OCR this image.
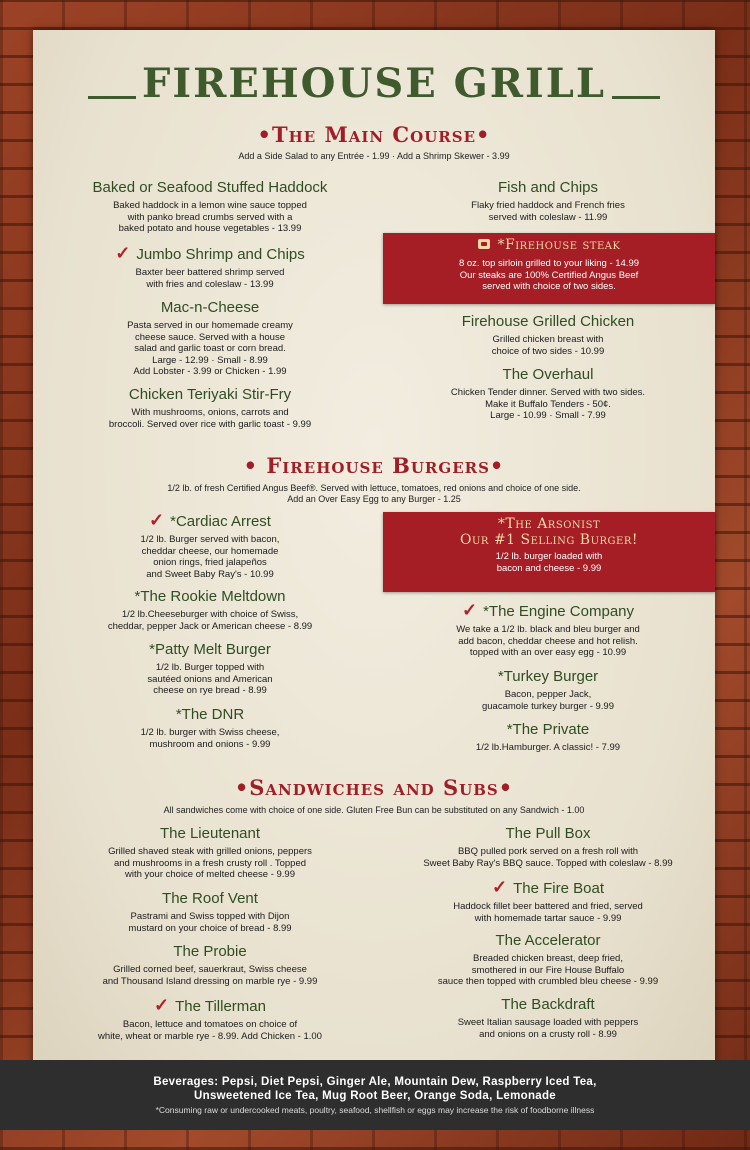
FIREHOUSE GRILL
•The Main Course•
Add a Side Salad to any Entrée - 1.99 · Add a Shrimp Skewer - 3.99
Baked or Seafood Stuffed Haddock
Baked haddock in a lemon wine sauce topped
with panko bread crumbs served with a
baked potato and house vegetables - 13.99
✓ Jumbo Shrimp and Chips
Baxter beer battered shrimp served
with fries and coleslaw - 13.99
Mac-n-Cheese
Pasta served in our homemade creamy
cheese sauce. Served with a house
salad and garlic toast or corn bread.
Large - 12.99 · Small - 8.99
Add Lobster - 3.99 or Chicken - 1.99
Chicken Teriyaki Stir-Fry
With mushrooms, onions, carrots and
broccoli. Served over rice with garlic toast - 9.99
Fish and Chips
Flaky fried haddock and French fries
served with coleslaw - 11.99
*Firehouse steak
8 oz. top sirloin grilled to your liking - 14.99
Our steaks are 100% Certified Angus Beef
served with choice of two sides.
Firehouse Grilled Chicken
Grilled chicken breast with
choice of two sides - 10.99
The Overhaul
Chicken Tender dinner. Served with two sides.
Make it Buffalo Tenders - 50¢.
Large - 10.99 · Small - 7.99
• Firehouse Burgers•
1/2 lb. of fresh Certified Angus Beef®. Served with lettuce, tomatoes, red onions and choice of one side.
Add an Over Easy Egg to any Burger - 1.25
✓ *Cardiac Arrest
1/2 lb. Burger served with bacon,
cheddar cheese, our homemade
onion rings, fried jalapeños
and Sweet Baby Ray's - 10.99
*The Rookie Meltdown
1/2 lb.Cheeseburger with choice of Swiss,
cheddar, pepper Jack or American cheese - 8.99
*Patty Melt Burger
1/2 lb. Burger topped with
sautéed onions and American
cheese on rye bread - 8.99
*The DNR
1/2 lb. burger with Swiss cheese,
mushroom and onions - 9.99
*The Arsonist
Our #1 Selling Burger!
1/2 lb. burger loaded with
bacon and cheese - 9.99
✓ *The Engine Company
We take a 1/2 lb. black and bleu burger and
add bacon, cheddar cheese and hot relish.
topped with an over easy egg - 10.99
*Turkey Burger
Bacon, pepper Jack,
guacamole turkey burger - 9.99
*The Private
1/2 lb.Hamburger. A classic! - 7.99
•Sandwiches and Subs•
All sandwiches come with choice of one side. Gluten Free Bun can be substituted on any Sandwich - 1.00
The Lieutenant
Grilled shaved steak with grilled onions, peppers
and mushrooms in a fresh crusty roll . Topped
with your choice of melted cheese - 9.99
The Roof Vent
Pastrami and Swiss topped with Dijon
mustard on your choice of bread - 8.99
The Probie
Grilled corned beef, sauerkraut, Swiss cheese
and Thousand Island dressing on marble rye - 9.99
✓ The Tillerman
Bacon, lettuce and tomatoes on choice of
white, wheat or marble rye - 8.99. Add Chicken - 1.00
The Pull Box
BBQ pulled pork served on a fresh roll with
Sweet Baby Ray's BBQ sauce. Topped with coleslaw - 8.99
✓ The Fire Boat
Haddock fillet beer battered and fried, served
with homemade tartar sauce - 9.99
The Accelerator
Breaded chicken breast, deep fried,
smothered in our Fire House Buffalo
sauce then topped with crumbled bleu cheese - 9.99
The Backdraft
Sweet Italian sausage loaded with peppers
and onions on a crusty roll - 8.99
Beverages: Pepsi, Diet Pepsi, Ginger Ale, Mountain Dew, Raspberry Iced Tea,
Unsweetened Ice Tea, Mug Root Beer, Orange Soda, Lemonade
*Consuming raw or undercooked meats, poultry, seafood, shellfish or eggs may increase the risk of foodborne illness
